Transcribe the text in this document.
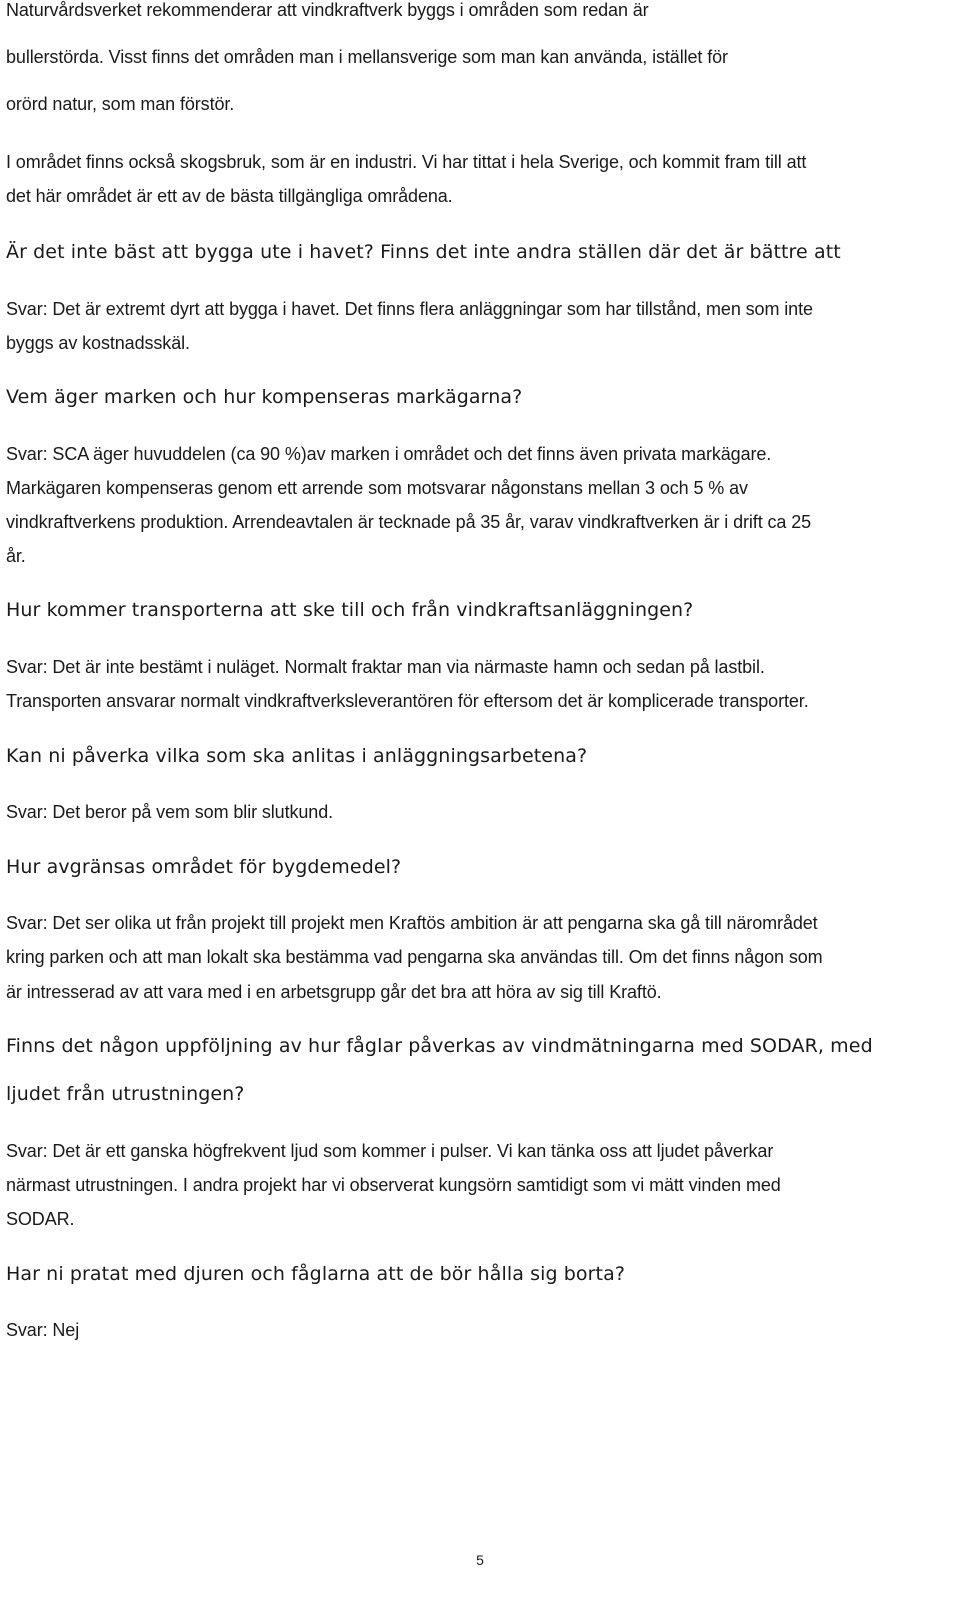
Naturvårdsverket rekommenderar att vindkraftverk byggs i områden som redan är

bullerstörda. Visst finns det områden man i mellansverige som man kan använda, istället för

orörd natur, som man förstör.

I området finns också skogsbruk, som är en industri. Vi har tittat i hela Sverige, och kommit fram till att

det här området är ett av de bästa tillgängliga områdena.

Är det inte bäst att bygga ute i havet? Finns det inte andra ställen där det är bättre att

Svar: Det är extremt dyrt att bygga i havet. Det finns flera anläggningar som har tillstånd, men som inte

byggs av kostnadsskäl.

Vem äger marken och hur kompenseras markägarna?

Svar: SCA äger huvuddelen (ca 90 %)av marken i området och det finns även privata markägare.

Markägaren kompenseras genom ett arrende som motsvarar någonstans mellan 3 och 5 % av

vindkraftverkens produktion. Arrendeavtalen är tecknade på 35 år, varav vindkraftverken är i drift ca 25

år.

Hur kommer transporterna att ske till och från vindkraftsanläggningen?

Svar: Det är inte bestämt i nuläget. Normalt fraktar man via närmaste hamn och sedan på lastbil.

Transporten ansvarar normalt vindkraftverksleverantören för eftersom det är komplicerade transporter.

Kan ni påverka vilka som ska anlitas i anläggningsarbetena?

Svar: Det beror på vem som blir slutkund.

Hur avgränsas området för bygdemedel?

Svar: Det ser olika ut från projekt till projekt men Kraftös ambition är att pengarna ska gå till närområdet

kring parken och att man lokalt ska bestämma vad pengarna ska användas till. Om det finns någon som

är intresserad av att vara med i en arbetsgrupp går det bra att höra av sig till Kraftö.

Finns det någon uppföljning av hur fåglar påverkas av vindmätningarna med SODAR, med

ljudet från utrustningen?

Svar: Det är ett ganska högfrekvent ljud som kommer i pulser. Vi kan tänka oss att ljudet påverkar

närmast utrustningen. I andra projekt har vi observerat kungsörn samtidigt som vi mätt vinden med

SODAR.

Har ni pratat med djuren och fåglarna att de bör hålla sig borta?

Svar: Nej

5
